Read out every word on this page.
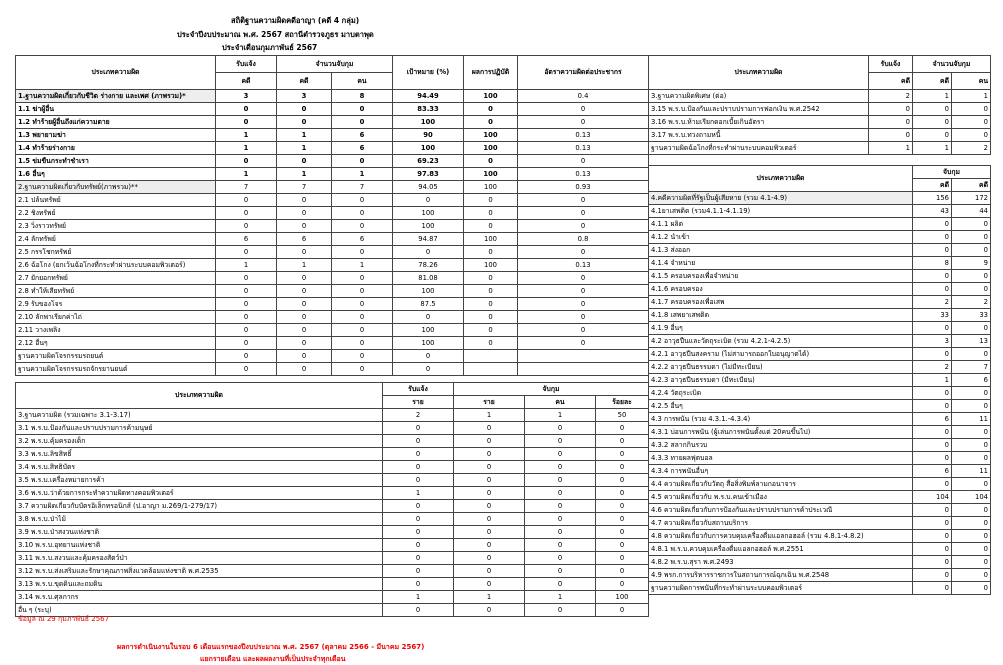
สถิติฐานความผิดคดีอาญา (คดี 4 กลุ่ม)
ประจำปีงบประมาณ พ.ศ. 2567 สถานีตำรวจภูธร มาบตาพุด
ประจำเดือนกุมภาพันธ์ 2567
ประเภทความผิด	รับแจ้ง	จำนวนจับกุม		เป้าหมาย (%)	ผลการปฏิบัติ	อัตราความผิดต่อประชากร
	คดี	คดี	คน			
1.ฐานความผิดเกี่ยวกับชีวิต ร่างกาย และเพศ (ภาพรวม)*	3	3	8	94.49	100	0.4
1.1 ฆ่าผู้อื่น	0	0	0	83.33	0	0
1.2 ทำร้ายผู้อื่นถึงแก่ความตาย	0	0	0	100	0	0
1.3 พยายามฆ่า	1	1	6	90	100	0.13
1.4 ทำร้ายร่างกาย	1	1	6	100	100	0.13
1.5 ข่มขืนกระทำชำเรา	0	0	0	69.23	0	0
1.6 อื่นๆ	1	1	1	97.83	100	0.13
2.ฐานความผิดเกี่ยวกับทรัพย์(ภาพรวม)**	7	7	7	94.05	100	0.93
2.1 ปล้นทรัพย์	0	0	0	0	0	0
2.2 ชิงทรัพย์	0	0	0	100	0	0
2.3 วิ่งราวทรัพย์	0	0	0	100	0	0
2.4 ลักทรัพย์	6	6	6	94.87	100	0.8
2.5 กรรโชกทรัพย์	0	0	0	0	0	0
2.6 ฉ้อโกง (ยกเว้นฉ้อโกงที่กระทำผ่านระบบคอมพิวเตอร์)	1	1	1	78.26	100	0.13
2.7 ยักยอกทรัพย์	0	0	0	81.08	0	0
2.8 ทำให้เสียทรัพย์	0	0	0	100	0	0
2.9 รับของโจร	0	0	0	87.5	0	0
2.10 ลักพาเรียกค่าไถ่	0	0	0	0	0	0
2.11 วางเพลิง	0	0	0	100	0	0
2.12 อื่นๆ	0	0	0	100	0	0
ฐานความผิดโจรกรรมรถยนต์	0	0	0	0		
ฐานความผิดโจรกรรมรถจักรยานยนต์	0	0	0	0		
ประเภทความผิด	รับแจ้ง	จับกุม		
	ราย	ราย	คน	ร้อยละ
3.ฐานความผิด (รวมเฉพาะ 3.1-3.17)	2	1	1	50
3.1 พ.ร.บ.ป้องกันและปราบปรามการค้ามนุษย์	0	0	0	0
3.2 พ.ร.บ.คุ้มครองเด็ก	0	0	0	0
3.3 พ.ร.บ.ลิขสิทธิ์	0	0	0	0
3.4 พ.ร.บ.สิทธิบัตร	0	0	0	0
3.5 พ.ร.บ.เครื่องหมายการค้า	0	0	0	0
3.6 พ.ร.บ.ว่าด้วยการกระทำความผิดทางคอมพิวเตอร์	1	0	0	0
3.7 ความผิดเกี่ยวกับบัตรอิเล็กทรอนิกส์ (ป.อาญา ม.269/1-279/17)	0	0	0	0
3.8 พ.ร.บ.ป่าไม้	0	0	0	0
3.9 พ.ร.บ.ป่าสงวนแห่งชาติ	0	0	0	0
3.10 พ.ร.บ.อุทยานแห่งชาติ	0	0	0	0
3.11 พ.ร.บ.สงวนและคุ้มครองสัตว์ป่า	0	0	0	0
3.12 พ.ร.บ.ส่งเสริมและรักษาคุณภาพสิ่งแวดล้อมแห่งชาติ พ.ศ.2535	0	0	0	0
3.13 พ.ร.บ.ขุดดินและถมดิน	0	0	0	0
3.14 พ.ร.บ.ศุลกากร	1	1	1	100
อื่น ๆ (ระบุ)	0	0	0	0
ประเภทความผิด	รับแจ้ง	จำนวนจับกุม	
	คดี	คดี	คน
3.ฐานความผิดพิเศษ (ต่อ)	2	1	1
3.15 พ.ร.บ.ป้องกันและปราบปรามการฟอกเงิน พ.ศ.2542	0	0	0
3.16 พ.ร.บ.ห้ามเรียกดอกเบี้ยเกินอัตรา	0	0	0
3.17 พ.ร.บ.ทวงถามหนี้	0	0	0
ฐานความผิดฉ้อโกงที่กระทำผ่านระบบคอมพิวเตอร์	1	1	2
ประเภทความผิด	จับกุม	
	คดี	คดี
4.คดีความผิดที่รัฐเป็นผู้เสียหาย (รวม 4.1-4.9)	156	172
4.1ยาเสพติด (รวม4.1.1-4.1.19)	43	44
4.1.1 ผลิต	0	0
4.1.2 นำเข้า	0	0
4.1.3 ส่งออก	0	0
4.1.4 จำหน่าย	8	9
4.1.5 ครอบครองเพื่อจำหน่าย	0	0
4.1.6 ครอบครอง	0	0
4.1.7 ครอบครองเพื่อเสพ	2	2
4.1.8 เสพยาเสพติด	33	33
4.1.9 อื่นๆ	0	0
4.2 อาวุธปืนและวัตถุระเบิด (รวม 4.2.1-4.2.5)	3	13
4.2.1 อาวุธปืนสงคราม (ไม่สามารถออกใบอนุญาตได้)	0	0
4.2.2 อาวุธปืนธรรมดา (ไม่มีทะเบียน)	2	7
4.2.3 อาวุธปืนธรรมดา (มีทะเบียน)	1	6
4.2.4 วัตถุระเบิด	0	0
4.2.5 อื่นๆ	0	0
4.3 การพนัน (รวม 4.3.1.-4.3.4)	6	11
4.3.1 บ่อนการพนัน (ผู้เล่นการพนันตั้งแต่ 20คนขึ้นไป)	0	0
4.3.2 สลากกินรวบ	0	0
4.3.3 ทายผลฟุตบอล	0	0
4.3.4 การพนันอื่นๆ	6	11
4.4 ความผิดเกี่ยวกับวัตถุ สื่อสิ่งพิมพ์ลามกอนาจาร	0	0
4.5 ความผิดเกี่ยวกับ พ.ร.บ.คนเข้าเมือง	104	104
4.6 ความผิดเกี่ยวกับการป้องกันและปราบปรามการค้าประเวณี	0	0
4.7 ความผิดเกี่ยวกับสถานบริการ	0	0
4.8 ความผิดเกี่ยวกับการควบคุมเครื่องดื่มแอลกอฮอล์ (รวม 4.8.1-4.8.2)	0	0
4.8.1 พ.ร.บ.ควบคุมเครื่องดื่มแอลกอฮอล์ พ.ศ.2551	0	0
4.8.2 พ.ร.บ.สุรา พ.ศ.2493	0	0
4.9 พรก.การบริหารราชการในสถานการณ์ฉุกเฉิน พ.ศ.2548	0	0
ฐานความผิดการพนันที่กระทำผ่านระบบคอมพิวเตอร์	0	0
ข้อมูล ณ 29 กุมภาพันธ์ 2567
ผลการดำเนินงานในรอบ 6 เดือนแรกของปีงบประมาณ พ.ศ. 2567 (ตุลาคม 2566 - มีนาคม 2567)
แยกรายเดือน และผลผลงานที่เป็นประจำทุกเดือน
